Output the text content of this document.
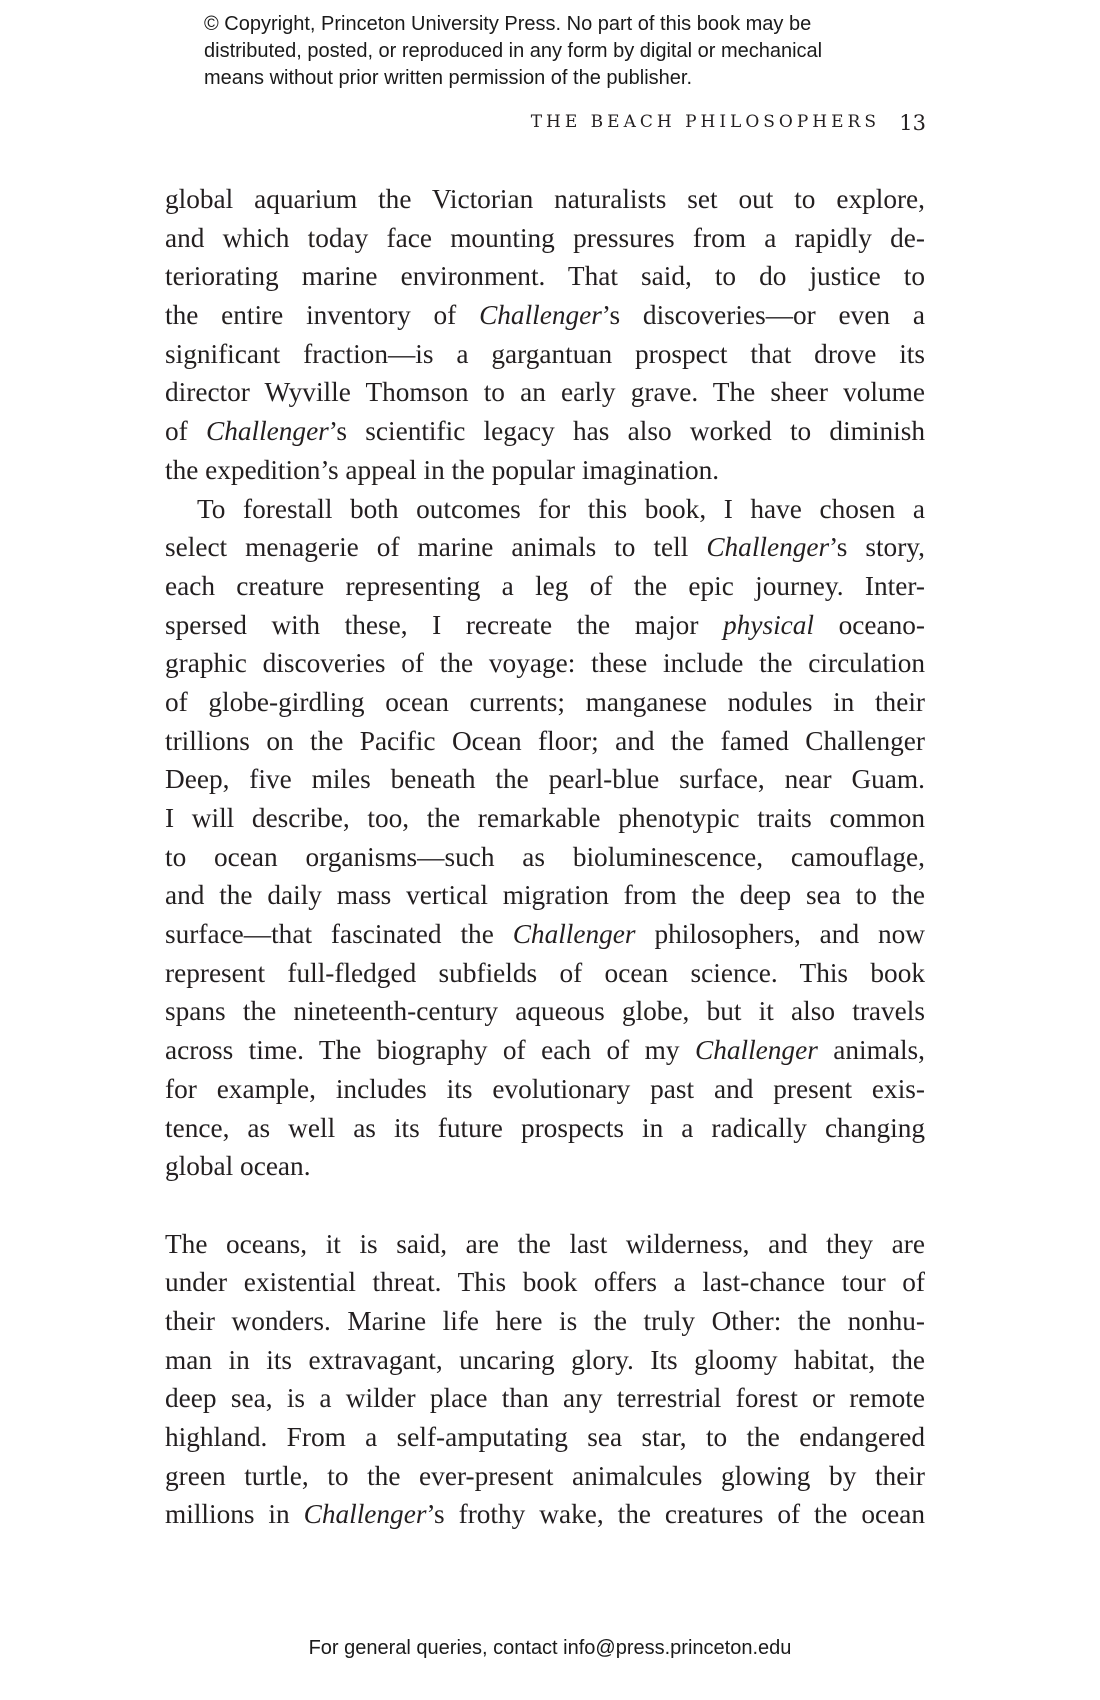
© Copyright, Princeton University Press. No part of this book may be
distributed, posted, or reproduced in any form by digital or mechanical
means without prior written permission of the publisher.
THE BEACH PHILOSOPHERS 13
global aquarium the Victorian naturalists set out to explore,
and which today face mounting pressures from a rapidly de-
teriorating marine environment. That said, to do justice to
the entire inventory of Challenger’s discoveries—or even a
significant fraction—is a gargantuan prospect that drove its
director Wyville Thomson to an early grave. The sheer volume
of Challenger’s scientific legacy has also worked to diminish
the expedition’s appeal in the popular imagination.
To forestall both outcomes for this book, I have chosen a
select menagerie of marine animals to tell Challenger’s story,
each creature representing a leg of the epic journey. Inter-
spersed with these, I recreate the major physical oceano-
graphic discoveries of the voyage: these include the circulation
of globe-girdling ocean currents; manganese nodules in their
trillions on the Pacific Ocean floor; and the famed Challenger
Deep, five miles beneath the pearl-blue surface, near Guam.
I will describe, too, the remarkable phenotypic traits common
to ocean organisms—such as bioluminescence, camouflage,
and the daily mass vertical migration from the deep sea to the
surface—that fascinated the Challenger philosophers, and now
represent full-fledged subfields of ocean science. This book
spans the nineteenth-century aqueous globe, but it also travels
across time. The biography of each of my Challenger animals,
for example, includes its evolutionary past and present exis-
tence, as well as its future prospects in a radically changing
global ocean.
The oceans, it is said, are the last wilderness, and they are
under existential threat. This book offers a last-chance tour of
their wonders. Marine life here is the truly Other: the nonhu-
man in its extravagant, uncaring glory. Its gloomy habitat, the
deep sea, is a wilder place than any terrestrial forest or remote
highland. From a self-amputating sea star, to the endangered
green turtle, to the ever-present animalcules glowing by their
millions in Challenger’s frothy wake, the creatures of the ocean
For general queries, contact info@press.princeton.edu
